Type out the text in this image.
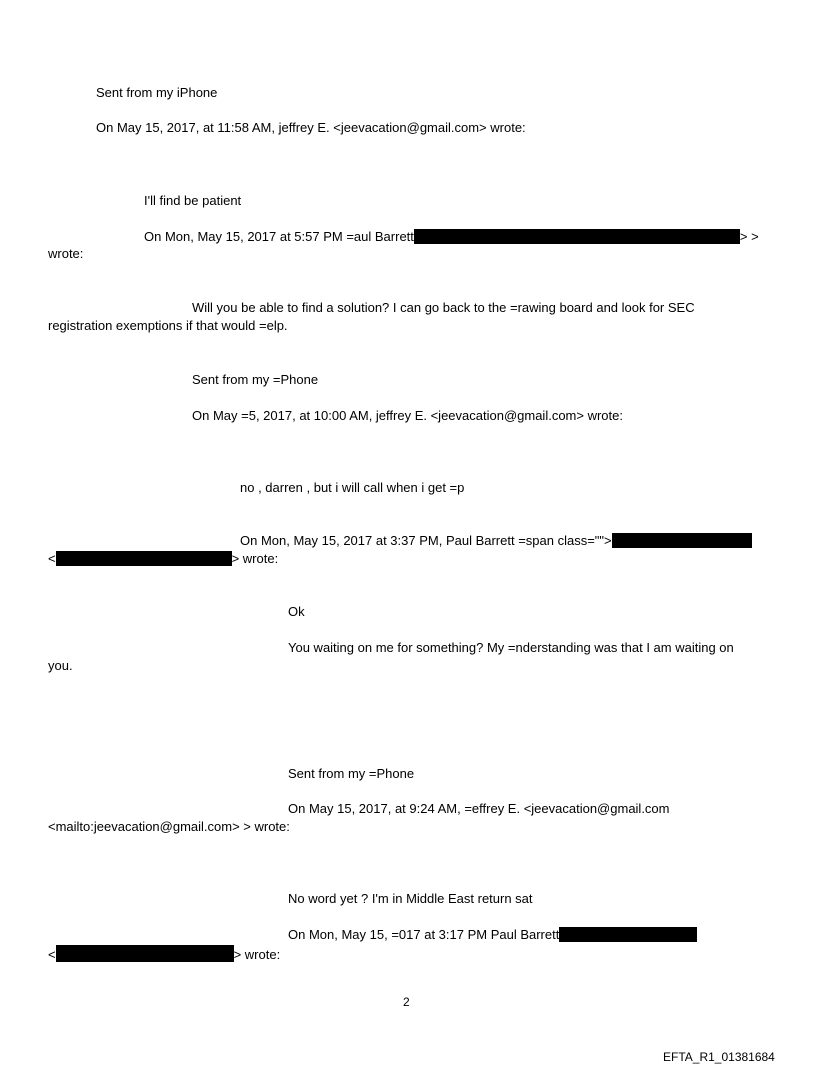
Sent from my iPhone
On May 15, 2017, at 11:58 AM, jeffrey E. <jeevacation@gmail.com> wrote:
I'll find be patient
On Mon, May 15, 2017 at 5:57 PM =aul Barrett	> >
wrote:
Will you be able to find a solution? I can go back to the =rawing board and look for SEC
registration exemptions if that would =elp.
Sent from my =Phone
On May =5, 2017, at 10:00 AM, jeffrey E. <jeevacation@gmail.com> wrote:
no , darren , but i will call when i get =p
On Mon, May 15, 2017 at 3:37 PM, Paul Barrett =span class="">
<	> wrote:
Ok
You waiting on me for something? My =nderstanding was that I am waiting on
you.
Sent from my =Phone
On May 15, 2017, at 9:24 AM, =effrey E. <jeevacation@gmail.com
<mailto:jeevacation@gmail.com> > wrote:
No word yet ? I'm in Middle East return sat
On Mon, May 15, =017 at 3:17 PM Paul Barrett
<	> wrote:
2
EFTA_R1_01381684
